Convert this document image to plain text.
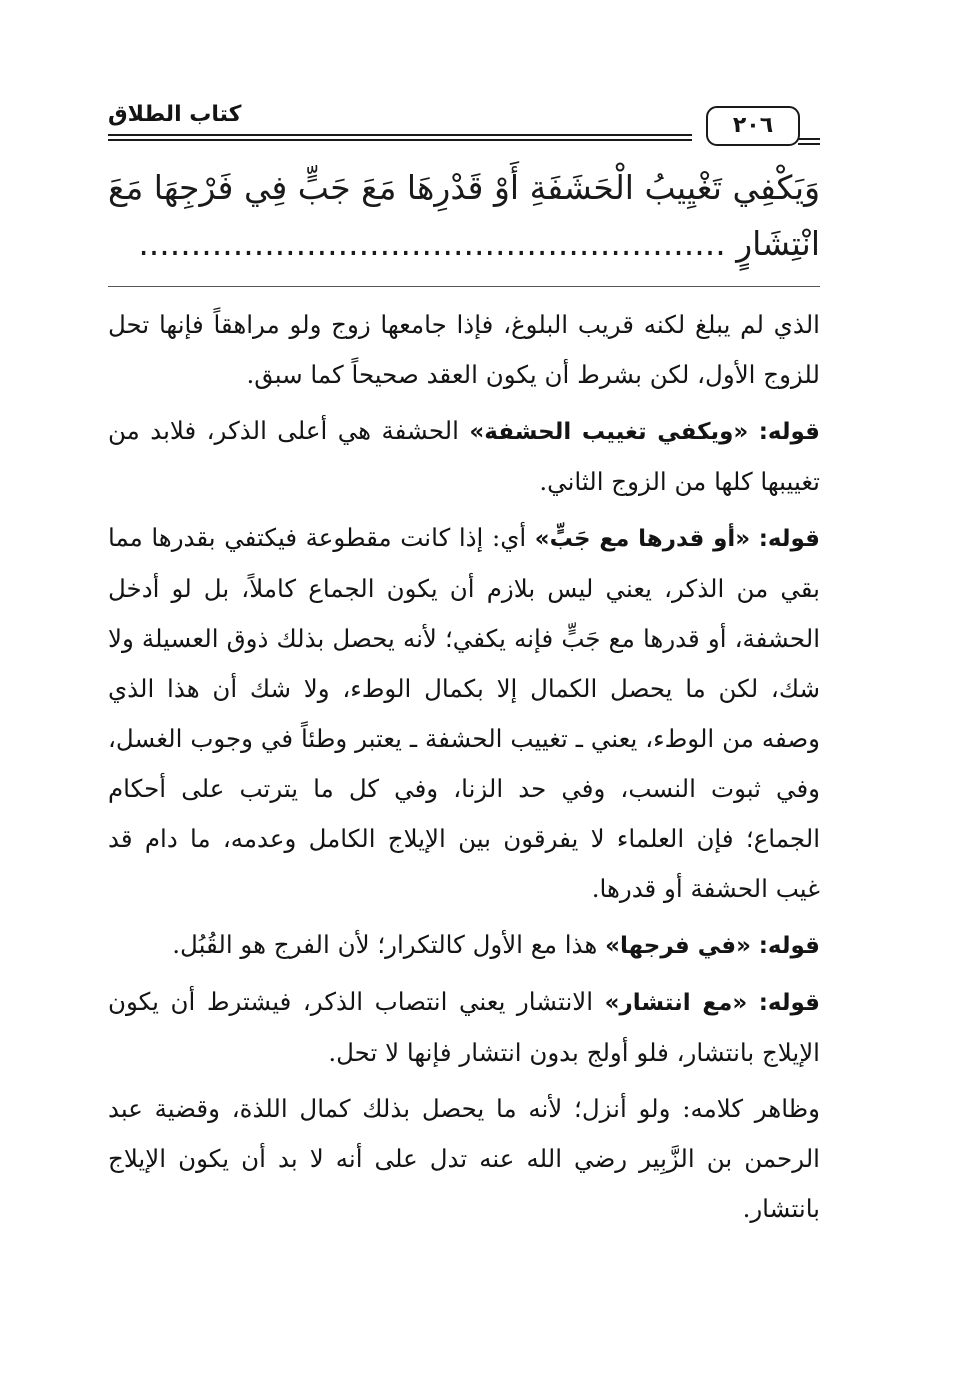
٢٠٦
كتاب الطلاق
وَيَكْفِي تَغْيِيبُ الْحَشَفَةِ أَوْ قَدْرِهَا مَعَ جَبٍّ فِي فَرْجِهَا مَعَ
انْتِشَارٍ ........................................................

الذي لم يبلغ لكنه قريب البلوغ، فإذا جامعها زوج ولو مراهقاً فإنها تحل للزوج الأول، لكن بشرط أن يكون العقد صحيحاً كما سبق.

قوله: «ويكفي تغييب الحشفة» الحشفة هي أعلى الذكر، فلابد من تغييبها كلها من الزوج الثاني.

قوله: «أو قدرها مع جَبٍّ» أي: إذا كانت مقطوعة فيكتفي بقدرها مما بقي من الذكر، يعني ليس بلازم أن يكون الجماع كاملاً، بل لو أدخل الحشفة، أو قدرها مع جَبٍّ فإنه يكفي؛ لأنه يحصل بذلك ذوق العسيلة ولا شك، لكن ما يحصل الكمال إلا بكمال الوطء، ولا شك أن هذا الذي وصفه من الوطء، يعني ـ تغييب الحشفة ـ يعتبر وطئاً في وجوب الغسل، وفي ثبوت النسب، وفي حد الزنا، وفي كل ما يترتب على أحكام الجماع؛ فإن العلماء لا يفرقون بين الإيلاج الكامل وعدمه، ما دام قد غيب الحشفة أو قدرها.

قوله: «في فرجها» هذا مع الأول كالتكرار؛ لأن الفرج هو القُبُل.

قوله: «مع انتشار» الانتشار يعني انتصاب الذكر، فيشترط أن يكون الإيلاج بانتشار، فلو أولج بدون انتشار فإنها لا تحل.

وظاهر كلامه: ولو أنزل؛ لأنه ما يحصل بذلك كمال اللذة، وقضية عبد الرحمن بن الزَّبِير رضي الله عنه تدل على أنه لا بد أن يكون الإيلاج بانتشار.
